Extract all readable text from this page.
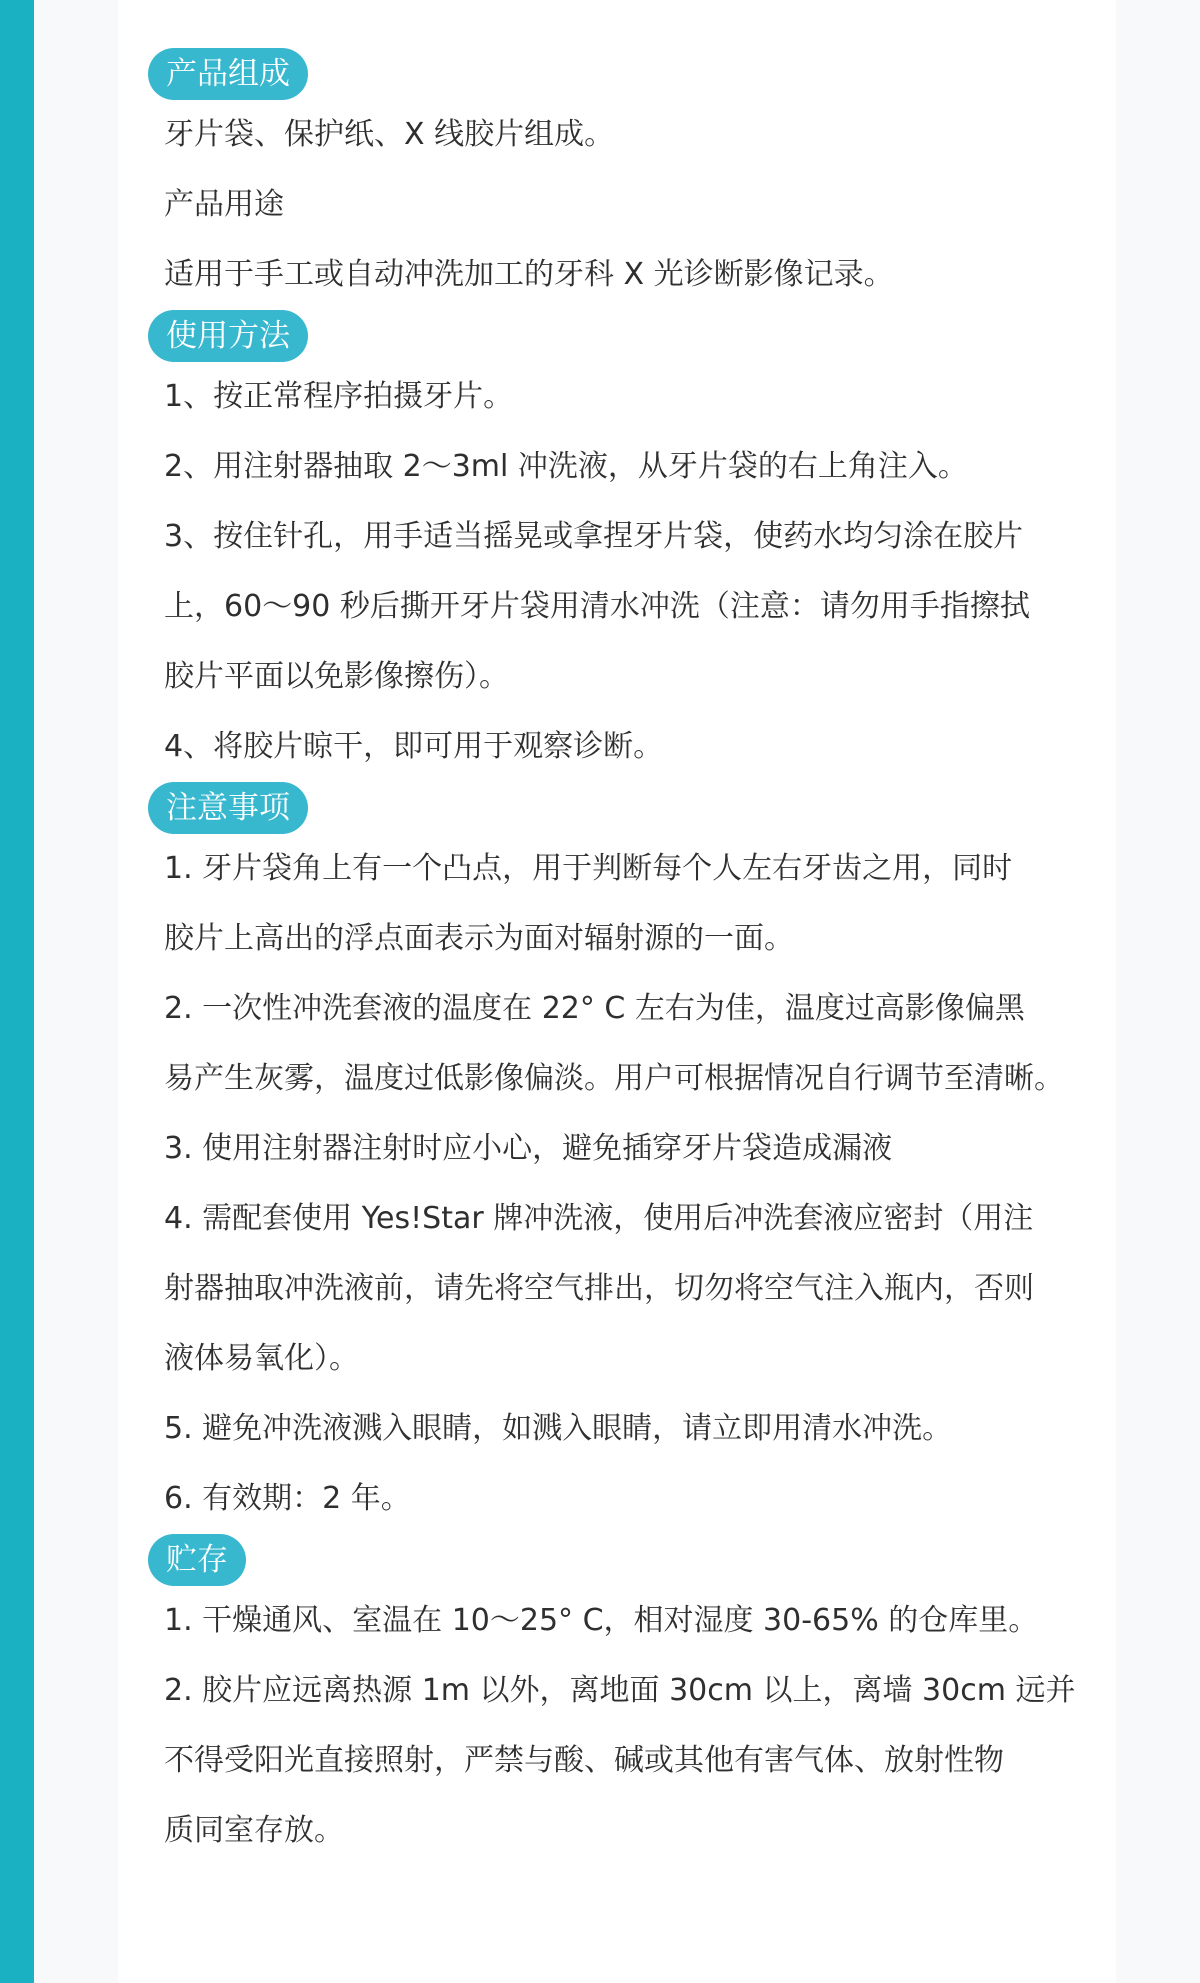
产品组成
牙片袋、保护纸、X 线胶片组成。
产品用途
适用于手工或自动冲洗加工的牙科 X 光诊断影像记录。
使用方法
1、按正常程序拍摄牙片。
2、用注射器抽取 2～3ml 冲洗液，从牙片袋的右上角注入。
3、按住针孔，用手适当摇晃或拿捏牙片袋，使药水均匀涂在胶片
上，60～90 秒后撕开牙片袋用清水冲洗（注意：请勿用手指擦拭
胶片平面以免影像擦伤）。
4、将胶片晾干，即可用于观察诊断。
注意事项
1. 牙片袋角上有一个凸点，用于判断每个人左右牙齿之用，同时
胶片上高出的浮点面表示为面对辐射源的一面。
2. 一次性冲洗套液的温度在 22° C 左右为佳，温度过高影像偏黑
易产生灰雾，温度过低影像偏淡。用户可根据情况自行调节至清晰。
3. 使用注射器注射时应小心，避免插穿牙片袋造成漏液
4. 需配套使用 Yes!Star 牌冲洗液，使用后冲洗套液应密封（用注
射器抽取冲洗液前，请先将空气排出，切勿将空气注入瓶内，否则
液体易氧化）。
5. 避免冲洗液溅入眼睛，如溅入眼睛，请立即用清水冲洗。
6. 有效期：2 年。
贮存
1. 干燥通风、室温在 10～25° C，相对湿度 30-65% 的仓库里。
2. 胶片应远离热源 1m 以外，离地面 30cm 以上，离墙 30cm 远并
不得受阳光直接照射，严禁与酸、碱或其他有害气体、放射性物
质同室存放。
